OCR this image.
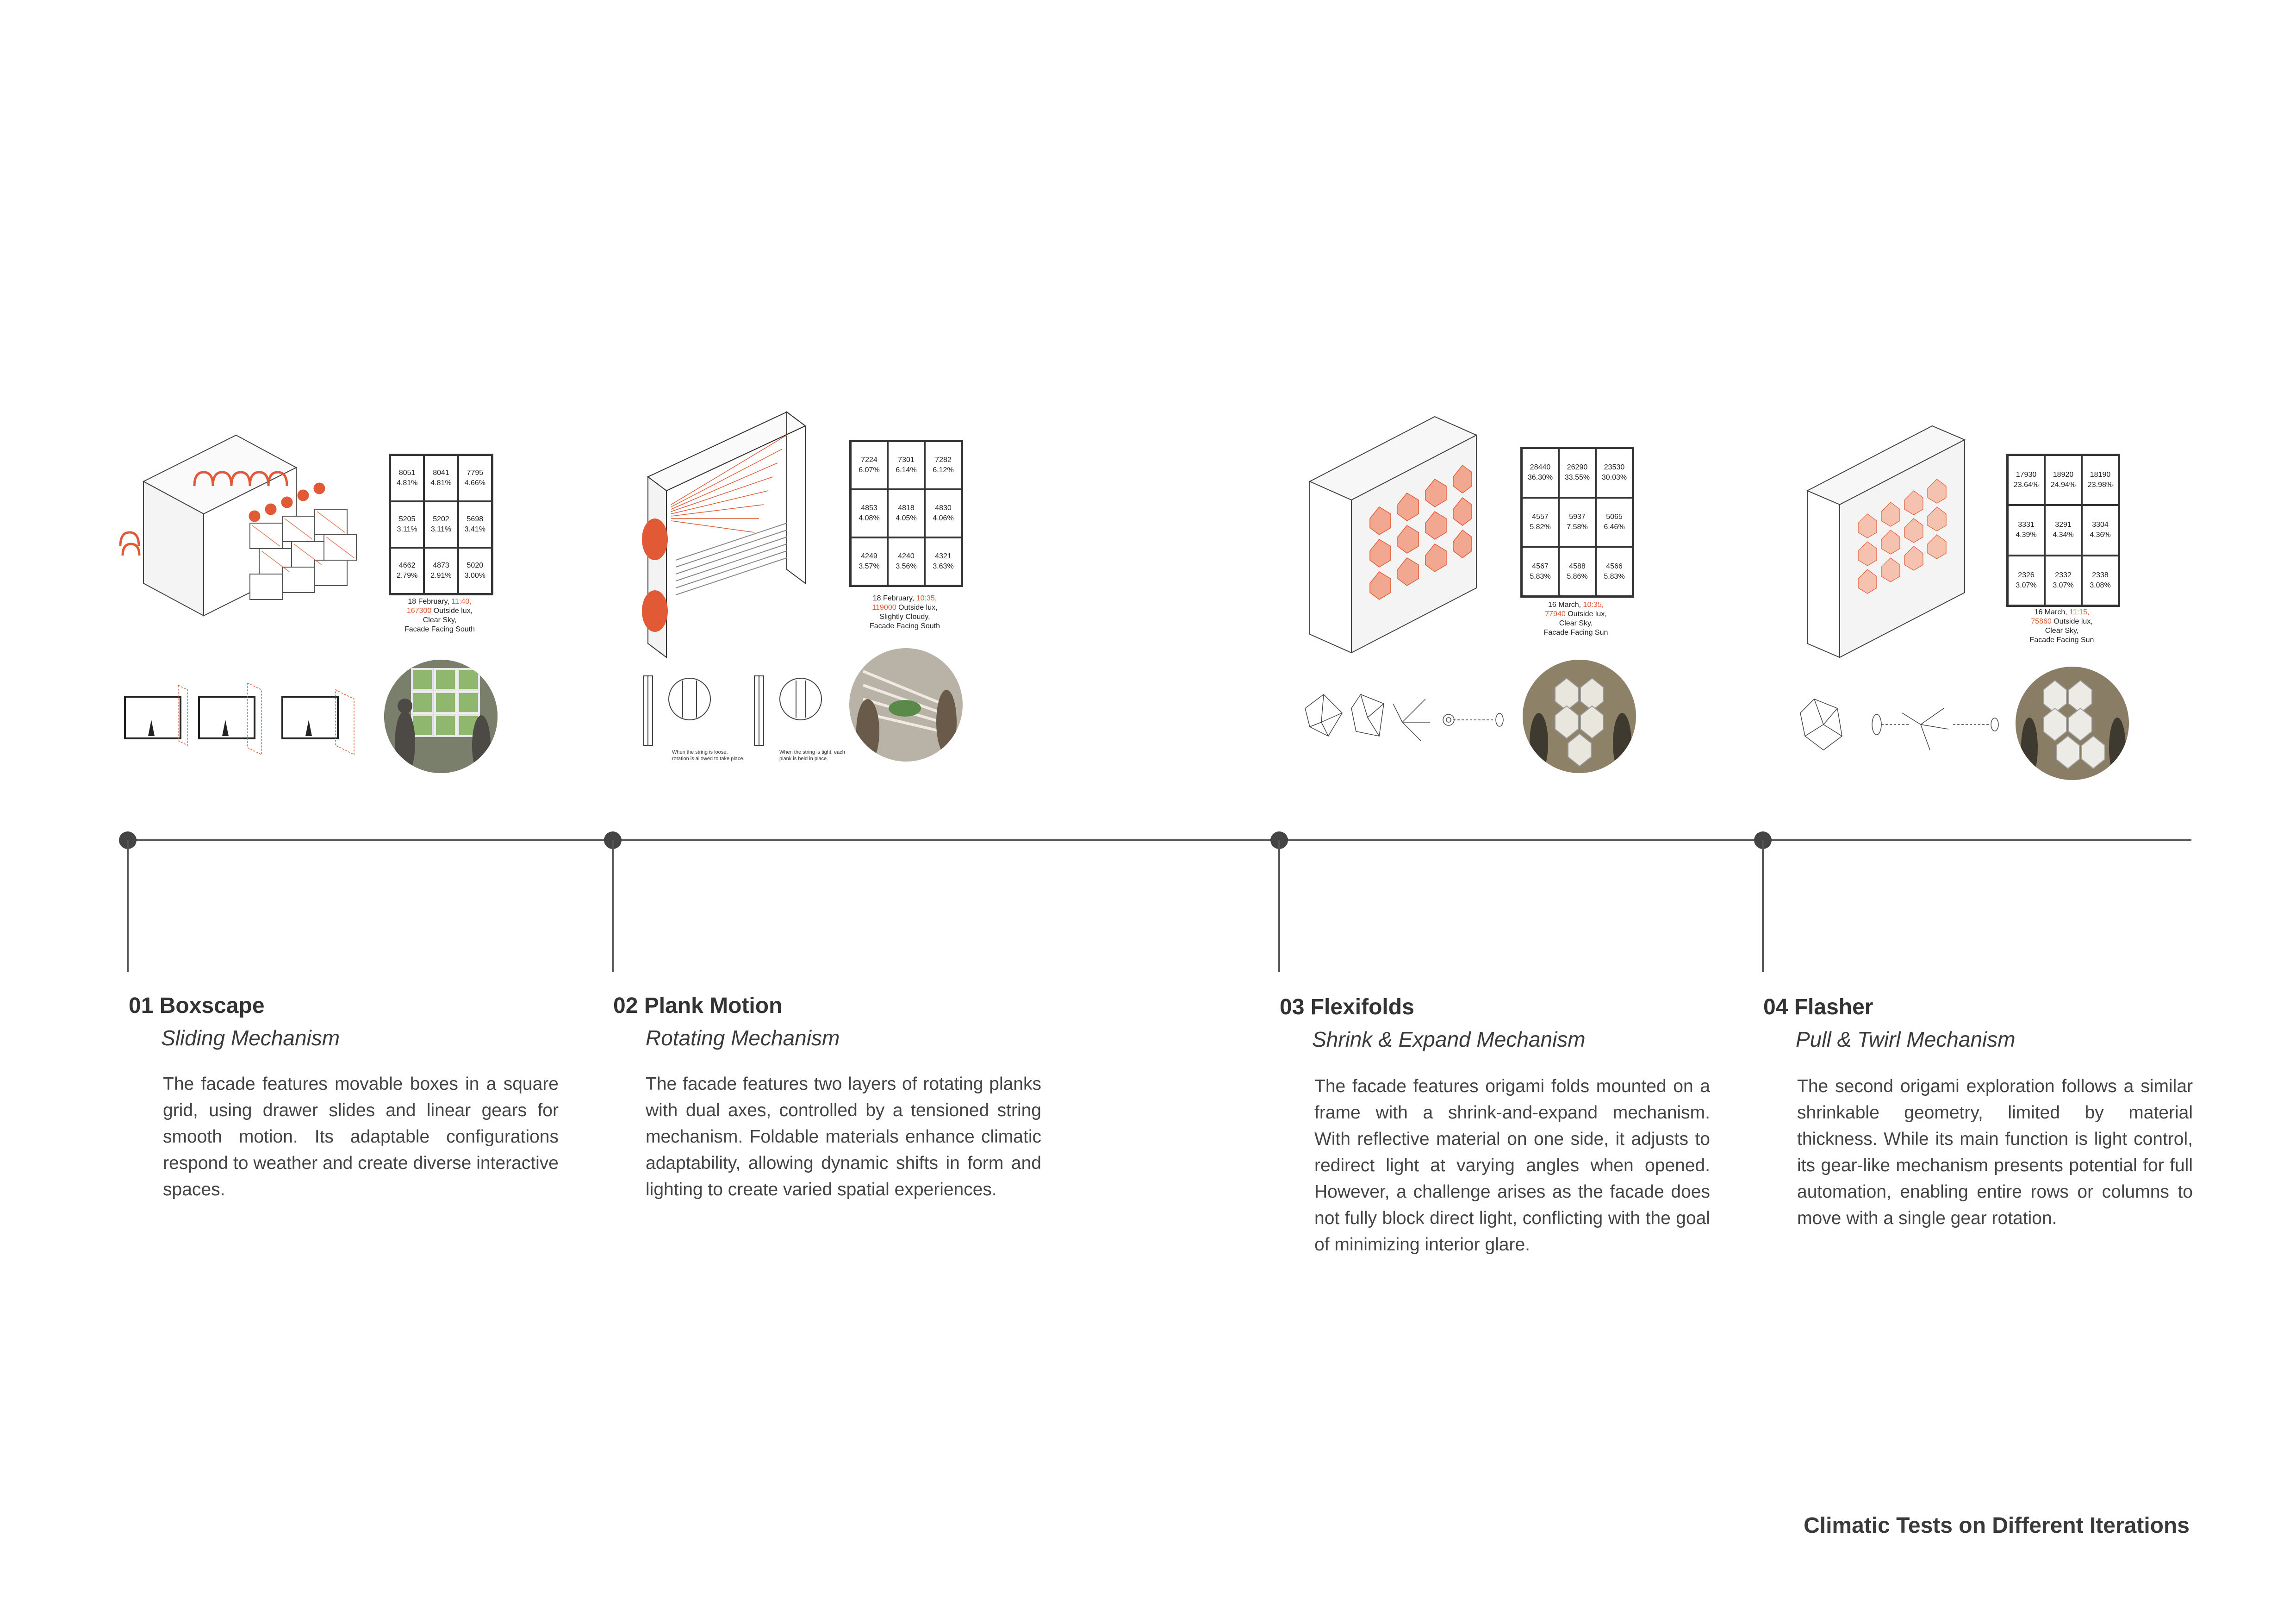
When the string is loose, rotation is allowed to take place.
When the string is tight, each plank is held in place.
8051
4.81%
8041
4.81%
7795
4.66%
5205
3.11%
5202
3.11%
5698
3.41%
4662
2.79%
4873
2.91%
5020
3.00%
7224
6.07%
7301
6.14%
7282
6.12%
4853
4.08%
4818
4.05%
4830
4.06%
4249
3.57%
4240
3.56%
4321
3.63%
28440
36.30%
26290
33.55%
23530
30.03%
4557
5.82%
5937
7.58%
5065
6.46%
4567
5.83%
4588
5.86%
4566
5.83%
17930
23.64%
18920
24.94%
18190
23.98%
3331
4.39%
3291
4.34%
3304
4.36%
2326
3.07%
2332
3.07%
2338
3.08%
18 February, 11:40,
167300 Outside lux,
Clear Sky,
Facade Facing South
18 February, 10:35,
119000 Outside lux,
Slightly Cloudy,
Facade Facing South
16 March, 10:35,
77940 Outside lux,
Clear Sky,
Facade Facing Sun
16 March, 11:15,
75860 Outside lux,
Clear Sky,
Facade Facing Sun
01 Boxscape
Sliding Mechanism
The facade features movable boxes in a square grid, using drawer slides and linear gears for smooth motion. Its adaptable configurations respond to weather and create diverse interactive spaces.
02 Plank Motion
Rotating Mechanism
The facade features two layers of rotating planks with dual axes, controlled by a tensioned string mechanism. Foldable materials enhance climatic adaptability, allowing dynamic shifts in form and lighting to create varied spatial experiences.
03 Flexifolds
Shrink & Expand Mechanism
The facade features origami folds mounted on a frame with a shrink-and-expand mechanism. With reflective material on one side, it adjusts to redirect light at varying angles when opened. However, a challenge arises as the facade does not fully block direct light, conflicting with the goal of minimizing interior glare.
04 Flasher
Pull & Twirl Mechanism
The second origami exploration follows a similar shrinkable geometry, limited by material thickness. While its main function is light control, its gear-like mechanism presents potential for full automation, enabling entire rows or columns to move with a single gear rotation.
Climatic Tests on Different Iterations
